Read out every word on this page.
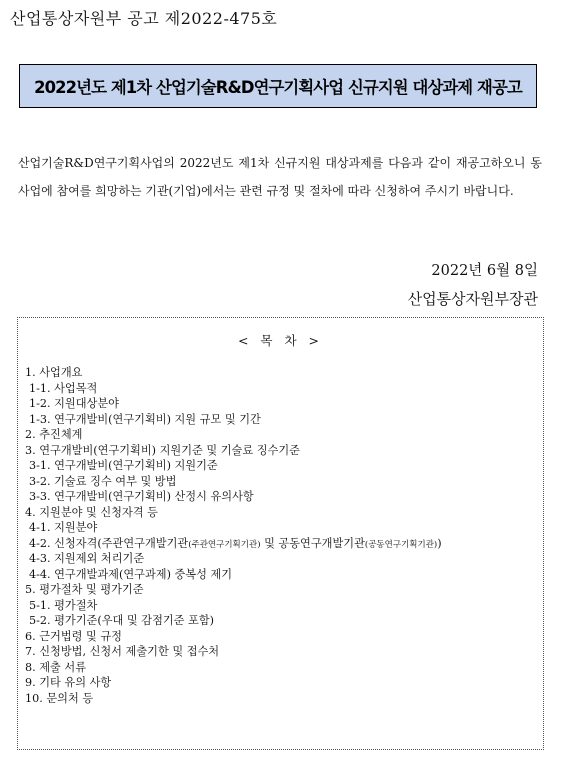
산업통상자원부 공고 제2022-475호
2022년도 제1차 산업기술R&D연구기획사업 신규지원 대상과제 재공고
산업기술R&D연구기획사업의 2022년도 제1차 신규지원 대상과제를 다음과 같이 재공고하오니 동 사업에 참여를 희망하는 기관(기업)에서는 관련 규정 및 절차에 따라 신청하여 주시기 바랍니다.
2022년 6월 8일
산업통상자원부장관
< 목 차 >
1. 사업개요
1-1. 사업목적
1-2. 지원대상분야
1-3. 연구개발비(연구기획비) 지원 규모 및 기간
2. 추진체계
3. 연구개발비(연구기획비) 지원기준 및 기술료 징수기준
3-1. 연구개발비(연구기획비) 지원기준
3-2. 기술료 징수 여부 및 방법
3-3. 연구개발비(연구기획비) 산정시 유의사항
4. 지원분야 및 신청자격 등
4-1. 지원분야
4-2. 신청자격(주관연구개발기관(주관연구기획기관) 및 공동연구개발기관(공동연구기획기관))
4-3. 지원제외 처리기준
4-4. 연구개발과제(연구과제) 중복성 제기
5. 평가절차 및 평가기준
5-1. 평가절차
5-2. 평가기준(우대 및 감점기준 포함)
6. 근거법령 및 규정
7. 신청방법, 신청서 제출기한 및 접수처
8. 제출 서류
9. 기타 유의 사항
10. 문의처 등
